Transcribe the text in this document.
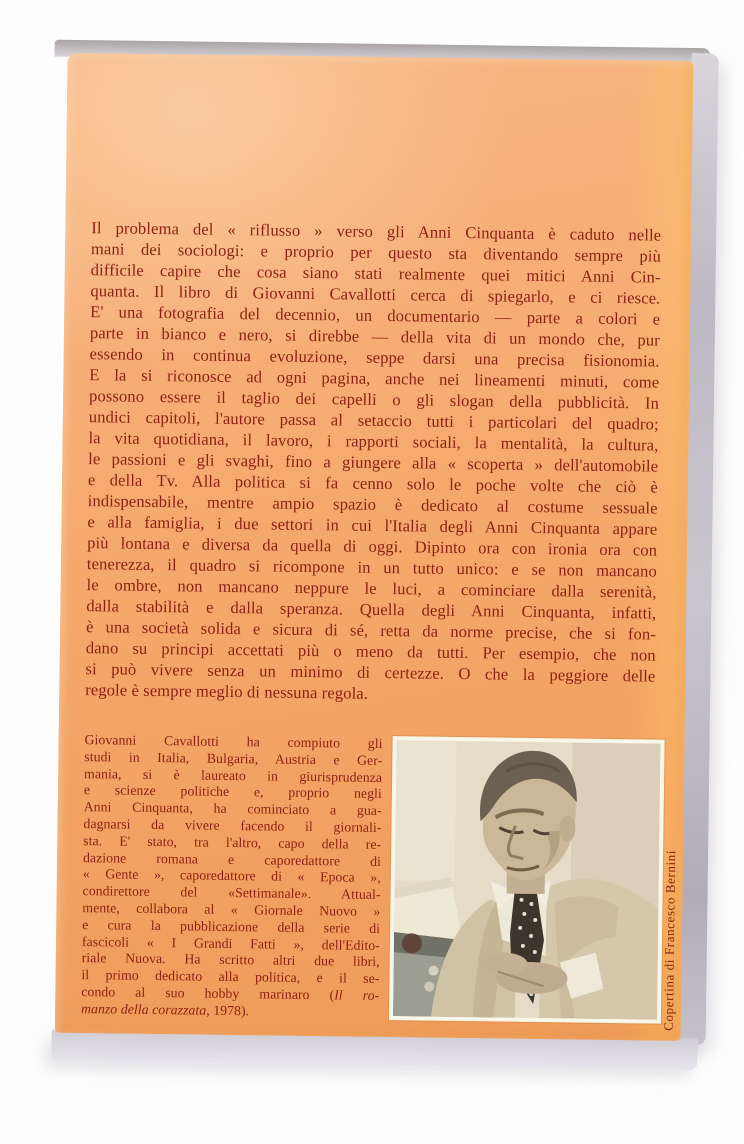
Il problema del « riflusso » verso gli Anni Cinquanta è caduto nelle
mani dei sociologi: e proprio per questo sta diventando sempre più
difficile capire che cosa siano stati realmente quei mitici Anni Cin-
quanta. Il libro di Giovanni Cavallotti cerca di spiegarlo, e ci riesce.
E' una fotografia del decennio, un documentario — parte a colori e
parte in bianco e nero, si direbbe — della vita di un mondo che, pur
essendo in continua evoluzione, seppe darsi una precisa fisionomia.
E la si riconosce ad ogni pagina, anche nei lineamenti minuti, come
possono essere il taglio dei capelli o gli slogan della pubblicità. In
undici capitoli, l'autore passa al setaccio tutti i particolari del quadro;
la vita quotidiana, il lavoro, i rapporti sociali, la mentalità, la cultura,
le passioni e gli svaghi, fino a giungere alla « scoperta » dell'automobile
e della Tv. Alla politica si fa cenno solo le poche volte che ciò è
indispensabile, mentre ampio spazio è dedicato al costume sessuale
e alla famiglia, i due settori in cui l'Italia degli Anni Cinquanta appare
più lontana e diversa da quella di oggi. Dipinto ora con ironia ora con
tenerezza, il quadro si ricompone in un tutto unico: e se non mancano
le ombre, non mancano neppure le luci, a cominciare dalla serenità,
dalla stabilità e dalla speranza. Quella degli Anni Cinquanta, infatti,
è una società solida e sicura di sé, retta da norme precise, che si fon-
dano su principi accettati più o meno da tutti. Per esempio, che non
si può vivere senza un minimo di certezze. O che la peggiore delle
regole è sempre meglio di nessuna regola.
Giovanni Cavallotti ha compiuto gli
studi in Italia, Bulgaria, Austria e Ger-
mania, si è laureato in giurisprudenza
e scienze politiche e, proprio negli
Anni Cinquanta, ha cominciato a gua-
dagnarsi da vivere facendo il giornali-
sta. E' stato, tra l'altro, capo della re-
dazione romana e caporedattore di
« Gente », caporedattore di « Epoca »,
condirettore del «Settimanale». Attual-
mente, collabora al « Giornale Nuovo »
e cura la pubblicazione della serie di
fascicoli « I Grandi Fatti », dell'Edito-
riale Nuova. Ha scritto altri due libri,
il primo dedicato alla politica, e il se-
condo al suo hobby marinaro (Il ro-
manzo della corazzata, 1978).	Copertina di Francesco Bernini
